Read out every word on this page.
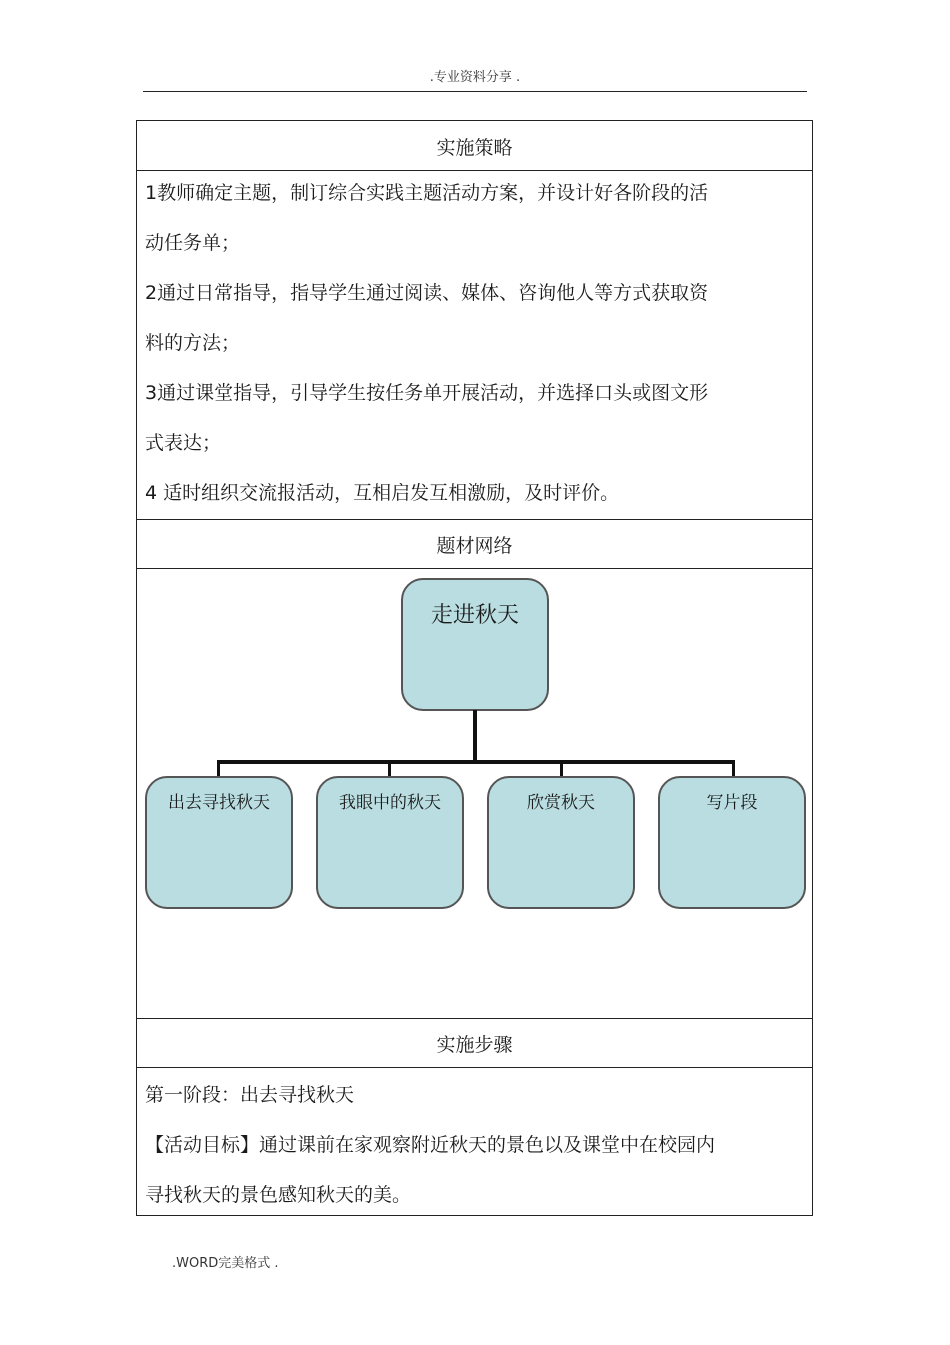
.专业资料分享 .
实施策略
1教师确定主题，制订综合实践主题活动方案，并设计好各阶段的活
动任务单；
2通过日常指导，指导学生通过阅读、媒体、咨询他人等方式获取资
料的方法；
3通过课堂指导，引导学生按任务单开展活动，并选择口头或图文形
式表达；
4 适时组织交流报活动，互相启发互相激励，及时评价。
题材网络
走进秋天
出去寻找秋天	我眼中的秋天	欣赏秋天	写片段
实施步骤
第一阶段：出去寻找秋天
【活动目标】通过课前在家观察附近秋天的景色以及课堂中在校园内
寻找秋天的景色感知秋天的美。
.WORD完美格式 .
